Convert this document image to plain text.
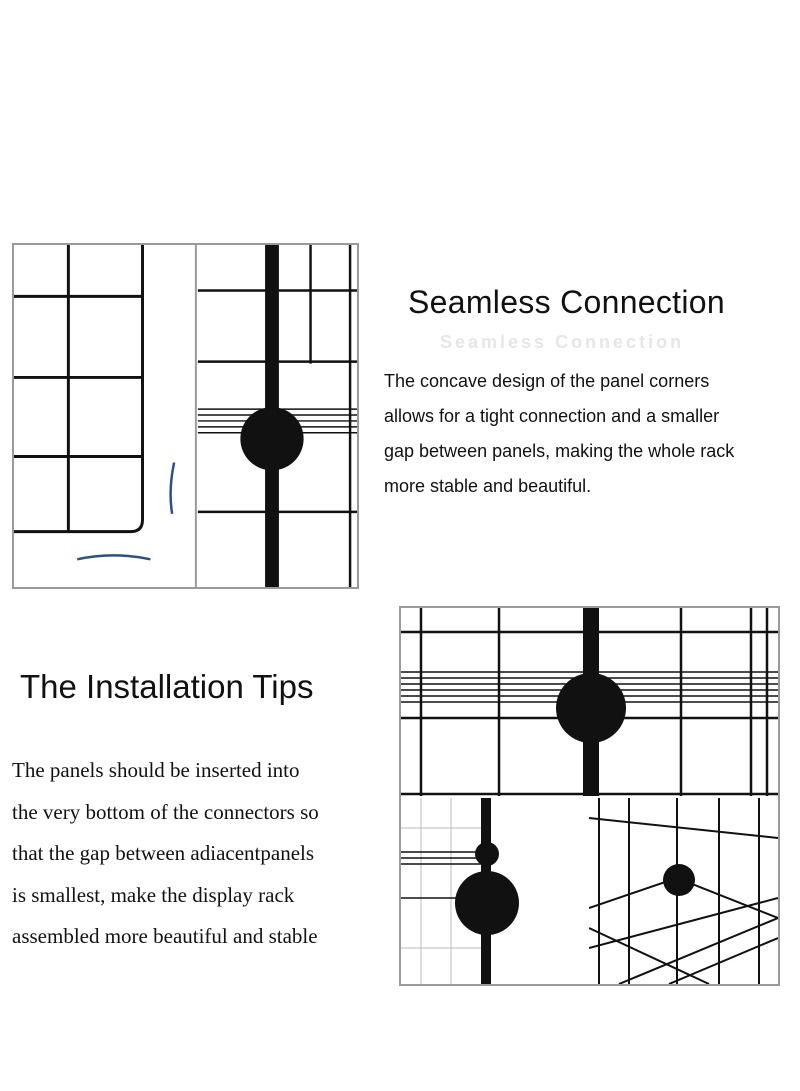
Seamless Connection
Seamless Connection
The concave design of the panel corners
allows for a tight connection and a smaller
gap between panels, making the whole rack
more stable and beautiful.
The Installation Tips
The panels should be inserted into
the very bottom of the connectors so
that the gap between adiacentpanels
is smallest, make the display rack
assembled more beautiful and stable
